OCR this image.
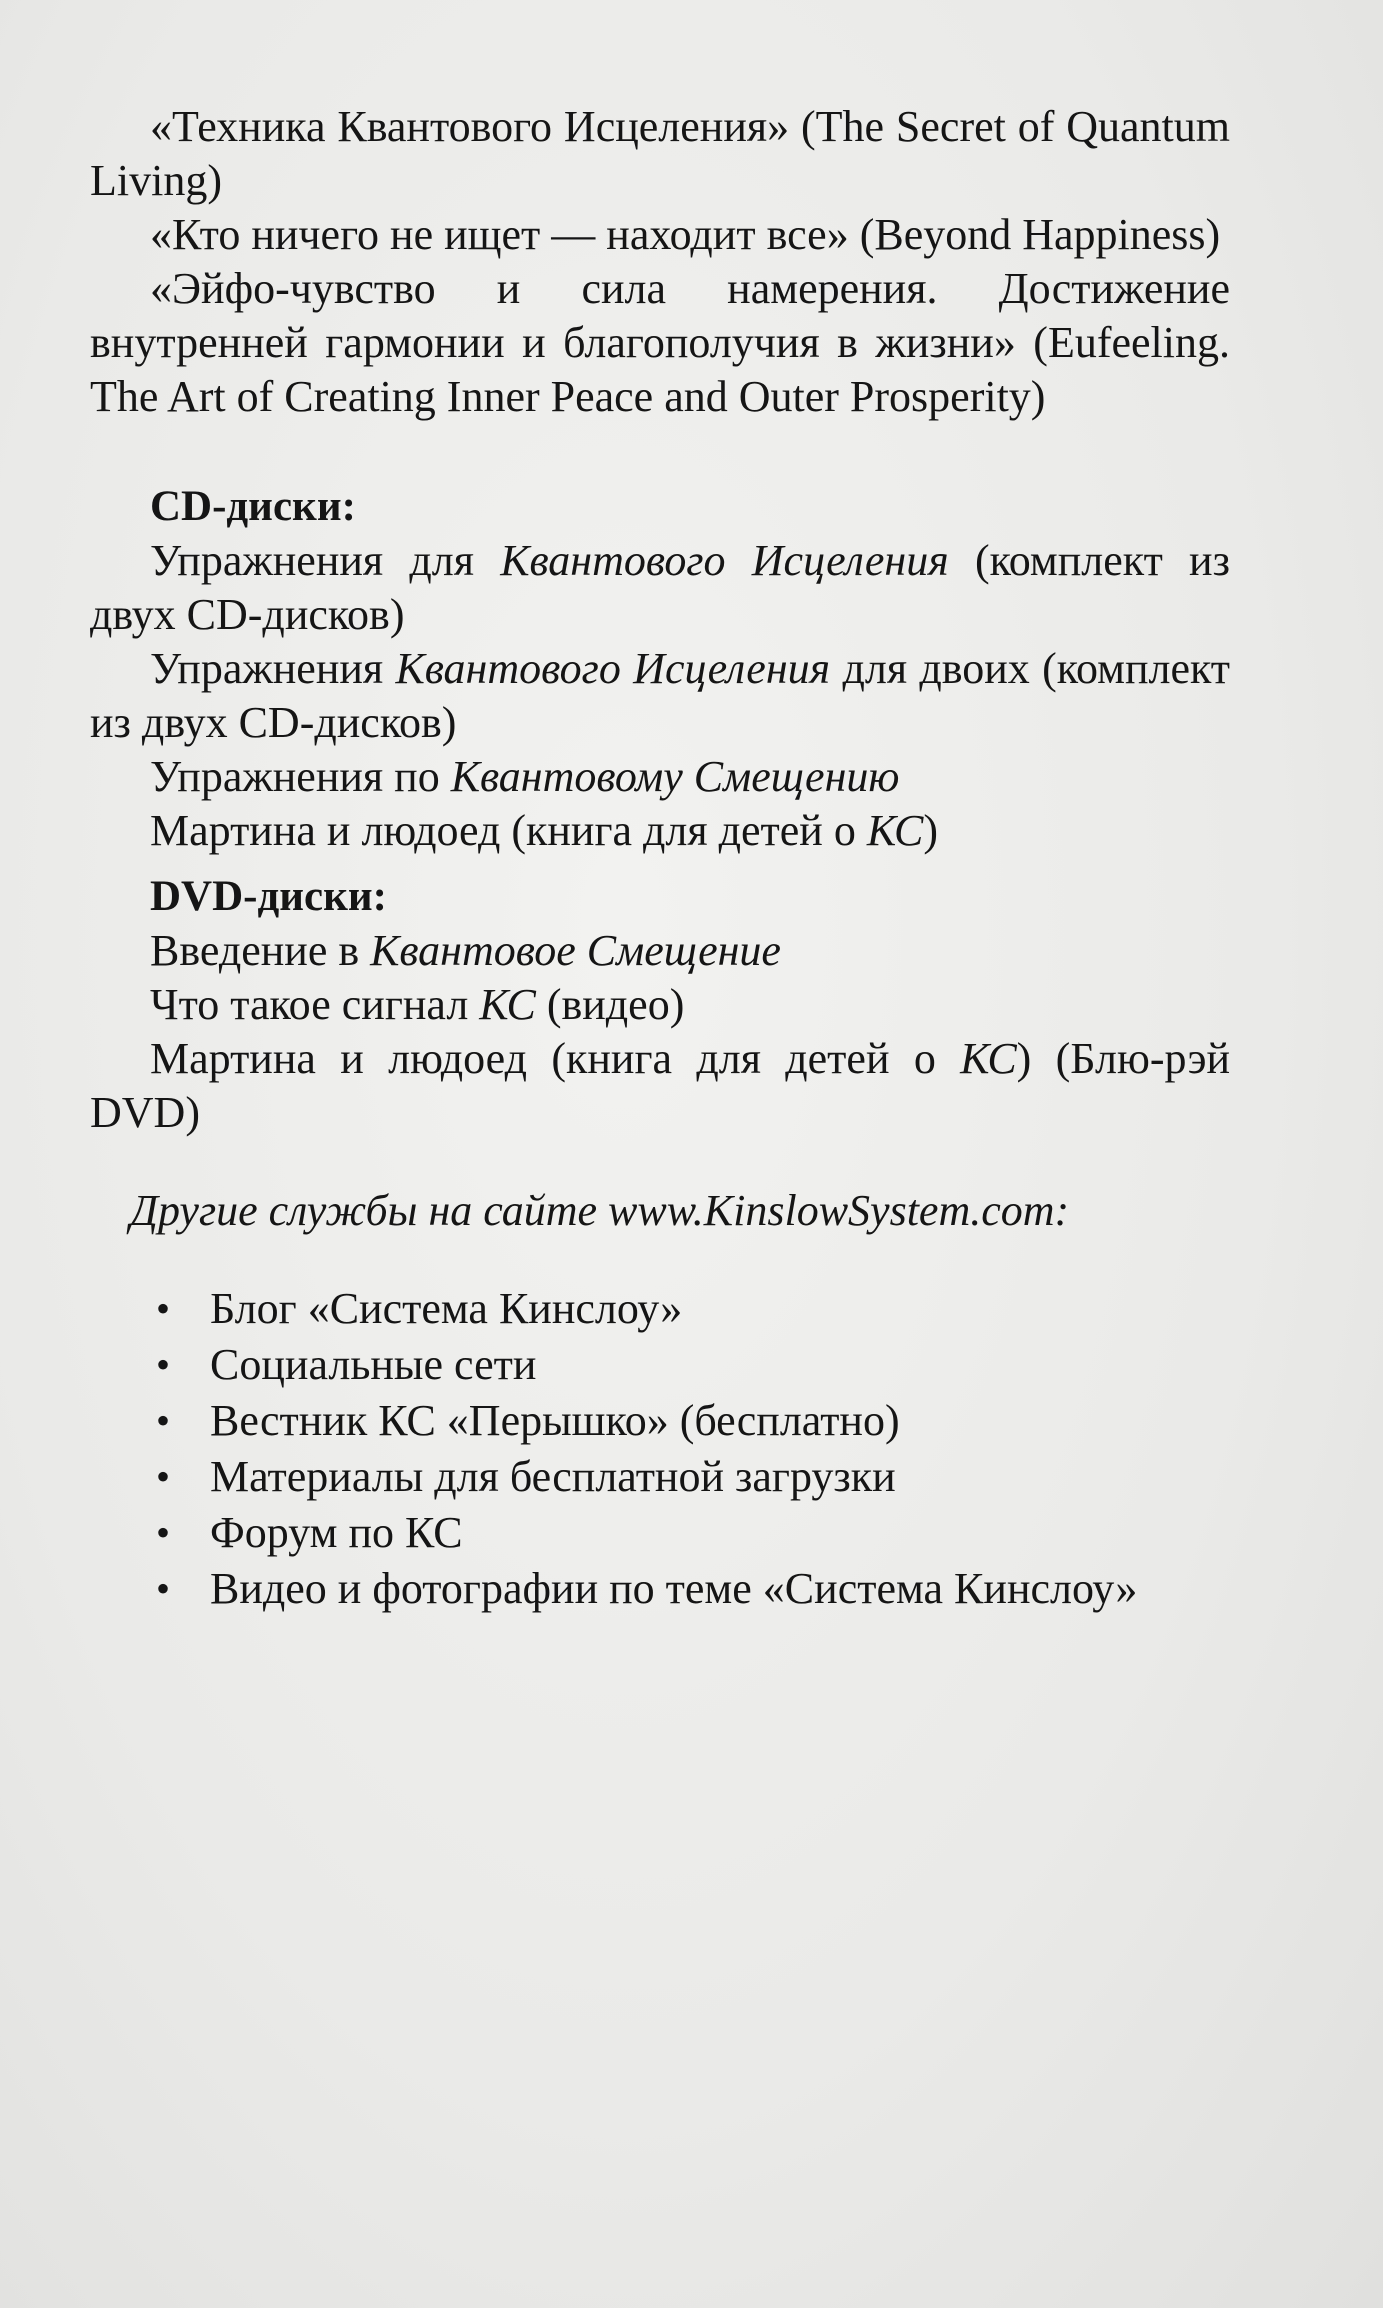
«Техника Квантового Исцеления» (The Secret of Quantum Living)

«Кто ничего не ищет — находит все» (Beyond Happiness)

«Эйфо-чувство и сила намерения. Достижение внутренней гармонии и благополучия в жизни» (Eufeeling. The Art of Creating Inner Peace and Outer Prosperity)

CD-диски:

Упражнения для Квантового Исцеления (комплект из двух CD-дисков)

Упражнения Квантового Исцеления для двоих (комплект из двух CD-дисков)

Упражнения по Квантовому Смещению

Мартина и людоед (книга для детей о КС)

DVD-диски:

Введение в Квантовое Смещение

Что такое сигнал КС (видео)

Мартина и людоед (книга для детей о КС) (Блю-рэй DVD)

Другие службы на сайте www.KinslowSystem.com:

• Блог «Система Кинслоу»
• Социальные сети
• Вестник КС «Перышко» (бесплатно)
• Материалы для бесплатной загрузки
• Форум по КС
• Видео и фотографии по теме «Система Кинслоу»
